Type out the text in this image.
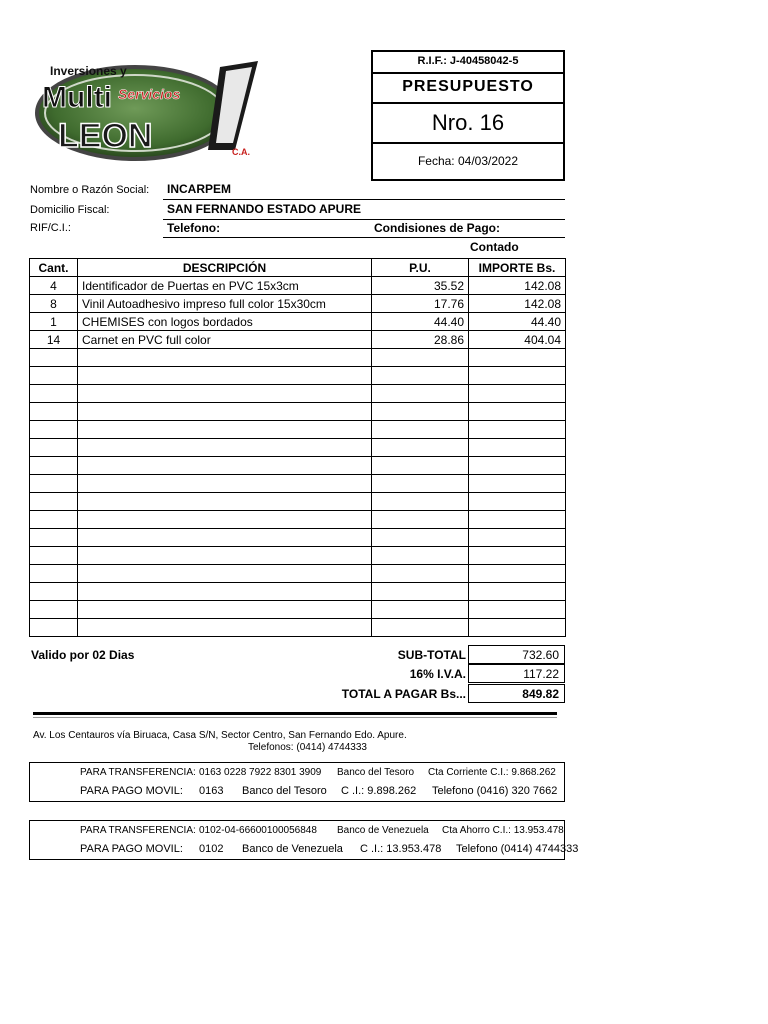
Inversiones y
Multi Servicios
LEON	C.A.
R.I.F.: J-40458042-5
PRESUPUESTO
Nro. 16
Fecha: 04/03/2022
Nombre o Razón Social: INCARPEM
Domicilio Fiscal:	SAN FERNANDO ESTADO APURE
RIF/C.I.:	Telefono:	Condisiones de Pago:
Contado
Cant.	DESCRIPCIÓN	P.U.	IMPORTE Bs.
4	Identificador de Puertas en PVC 15x3cm	35.52	142.08
8	Vinil Autoadhesivo impreso full color 15x30cm	17.76	142.08
1	CHEMISES con logos bordados	44.40	44.40
14	Carnet en PVC full color	28.86	404.04

Valido por 02 Dias	SUB-TOTAL	732.60
16% I.V.A.	117.22
TOTAL A PAGAR Bs...	849.82
Av. Los Centauros vía Biruaca, Casa S/N, Sector Centro, San Fernando Edo. Apure.
Telefonos: (0414) 4744333
PARA TRANSFERENCIA: 0163 0228 7922 8301 3909 Banco del Tesoro Cta Corriente C.I.: 9.868.262
PARA PAGO MOVIL: 0163 Banco del Tesoro C .I.: 9.898.262 Telefono (0416) 320 7662
PARA TRANSFERENCIA: 0102-04-66600100056848 Banco de Venezuela Cta Ahorro C.I.: 13.953.478
PARA PAGO MOVIL: 0102 Banco de Venezuela C .I.: 13.953.478 Telefono (0414) 4744333
